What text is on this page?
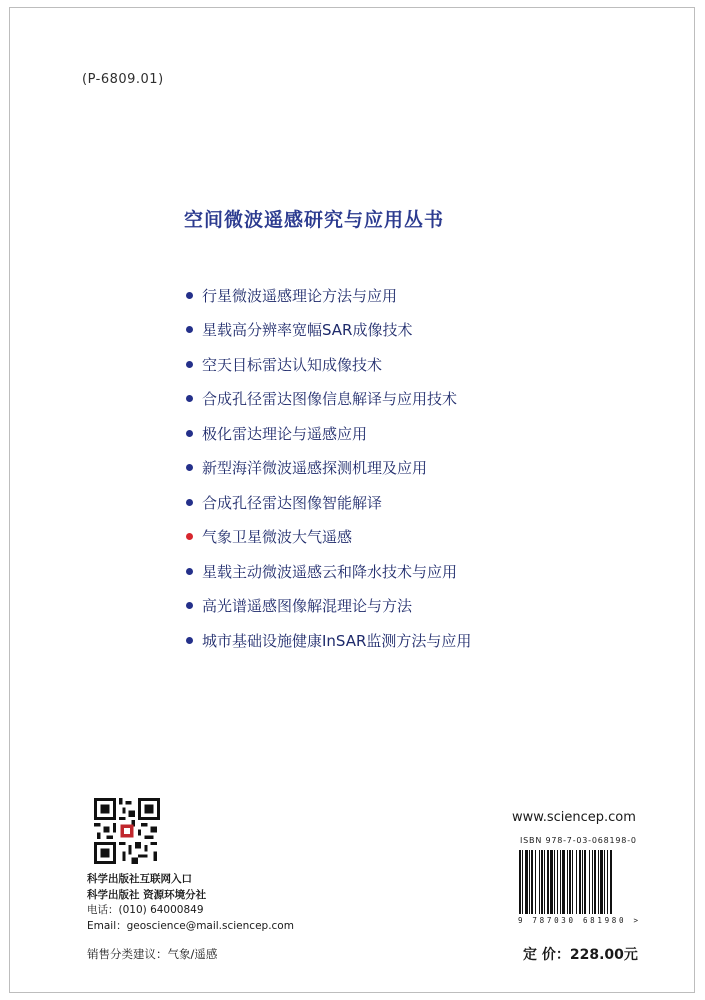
(P-6809.01)
空间微波遥感研究与应用丛书
行星微波遥感理论方法与应用
星载高分辨率宽幅SAR成像技术
空天目标雷达认知成像技术
合成孔径雷达图像信息解译与应用技术
极化雷达理论与遥感应用
新型海洋微波遥感探测机理及应用
合成孔径雷达图像智能解译
气象卫星微波大气遥感
星载主动微波遥感云和降水技术与应用
高光谱遥感图像解混理论与方法
城市基础设施健康InSAR监测方法与应用
科学出版社互联网入口
科学出版社 资源环境分社
电话：(010) 64000849
Email：geoscience@mail.sciencep.com
销售分类建议：气象/遥感
www.sciencep.com
ISBN 978-7-03-068198-0
9 787030 681980 >
定 价：228.00元
